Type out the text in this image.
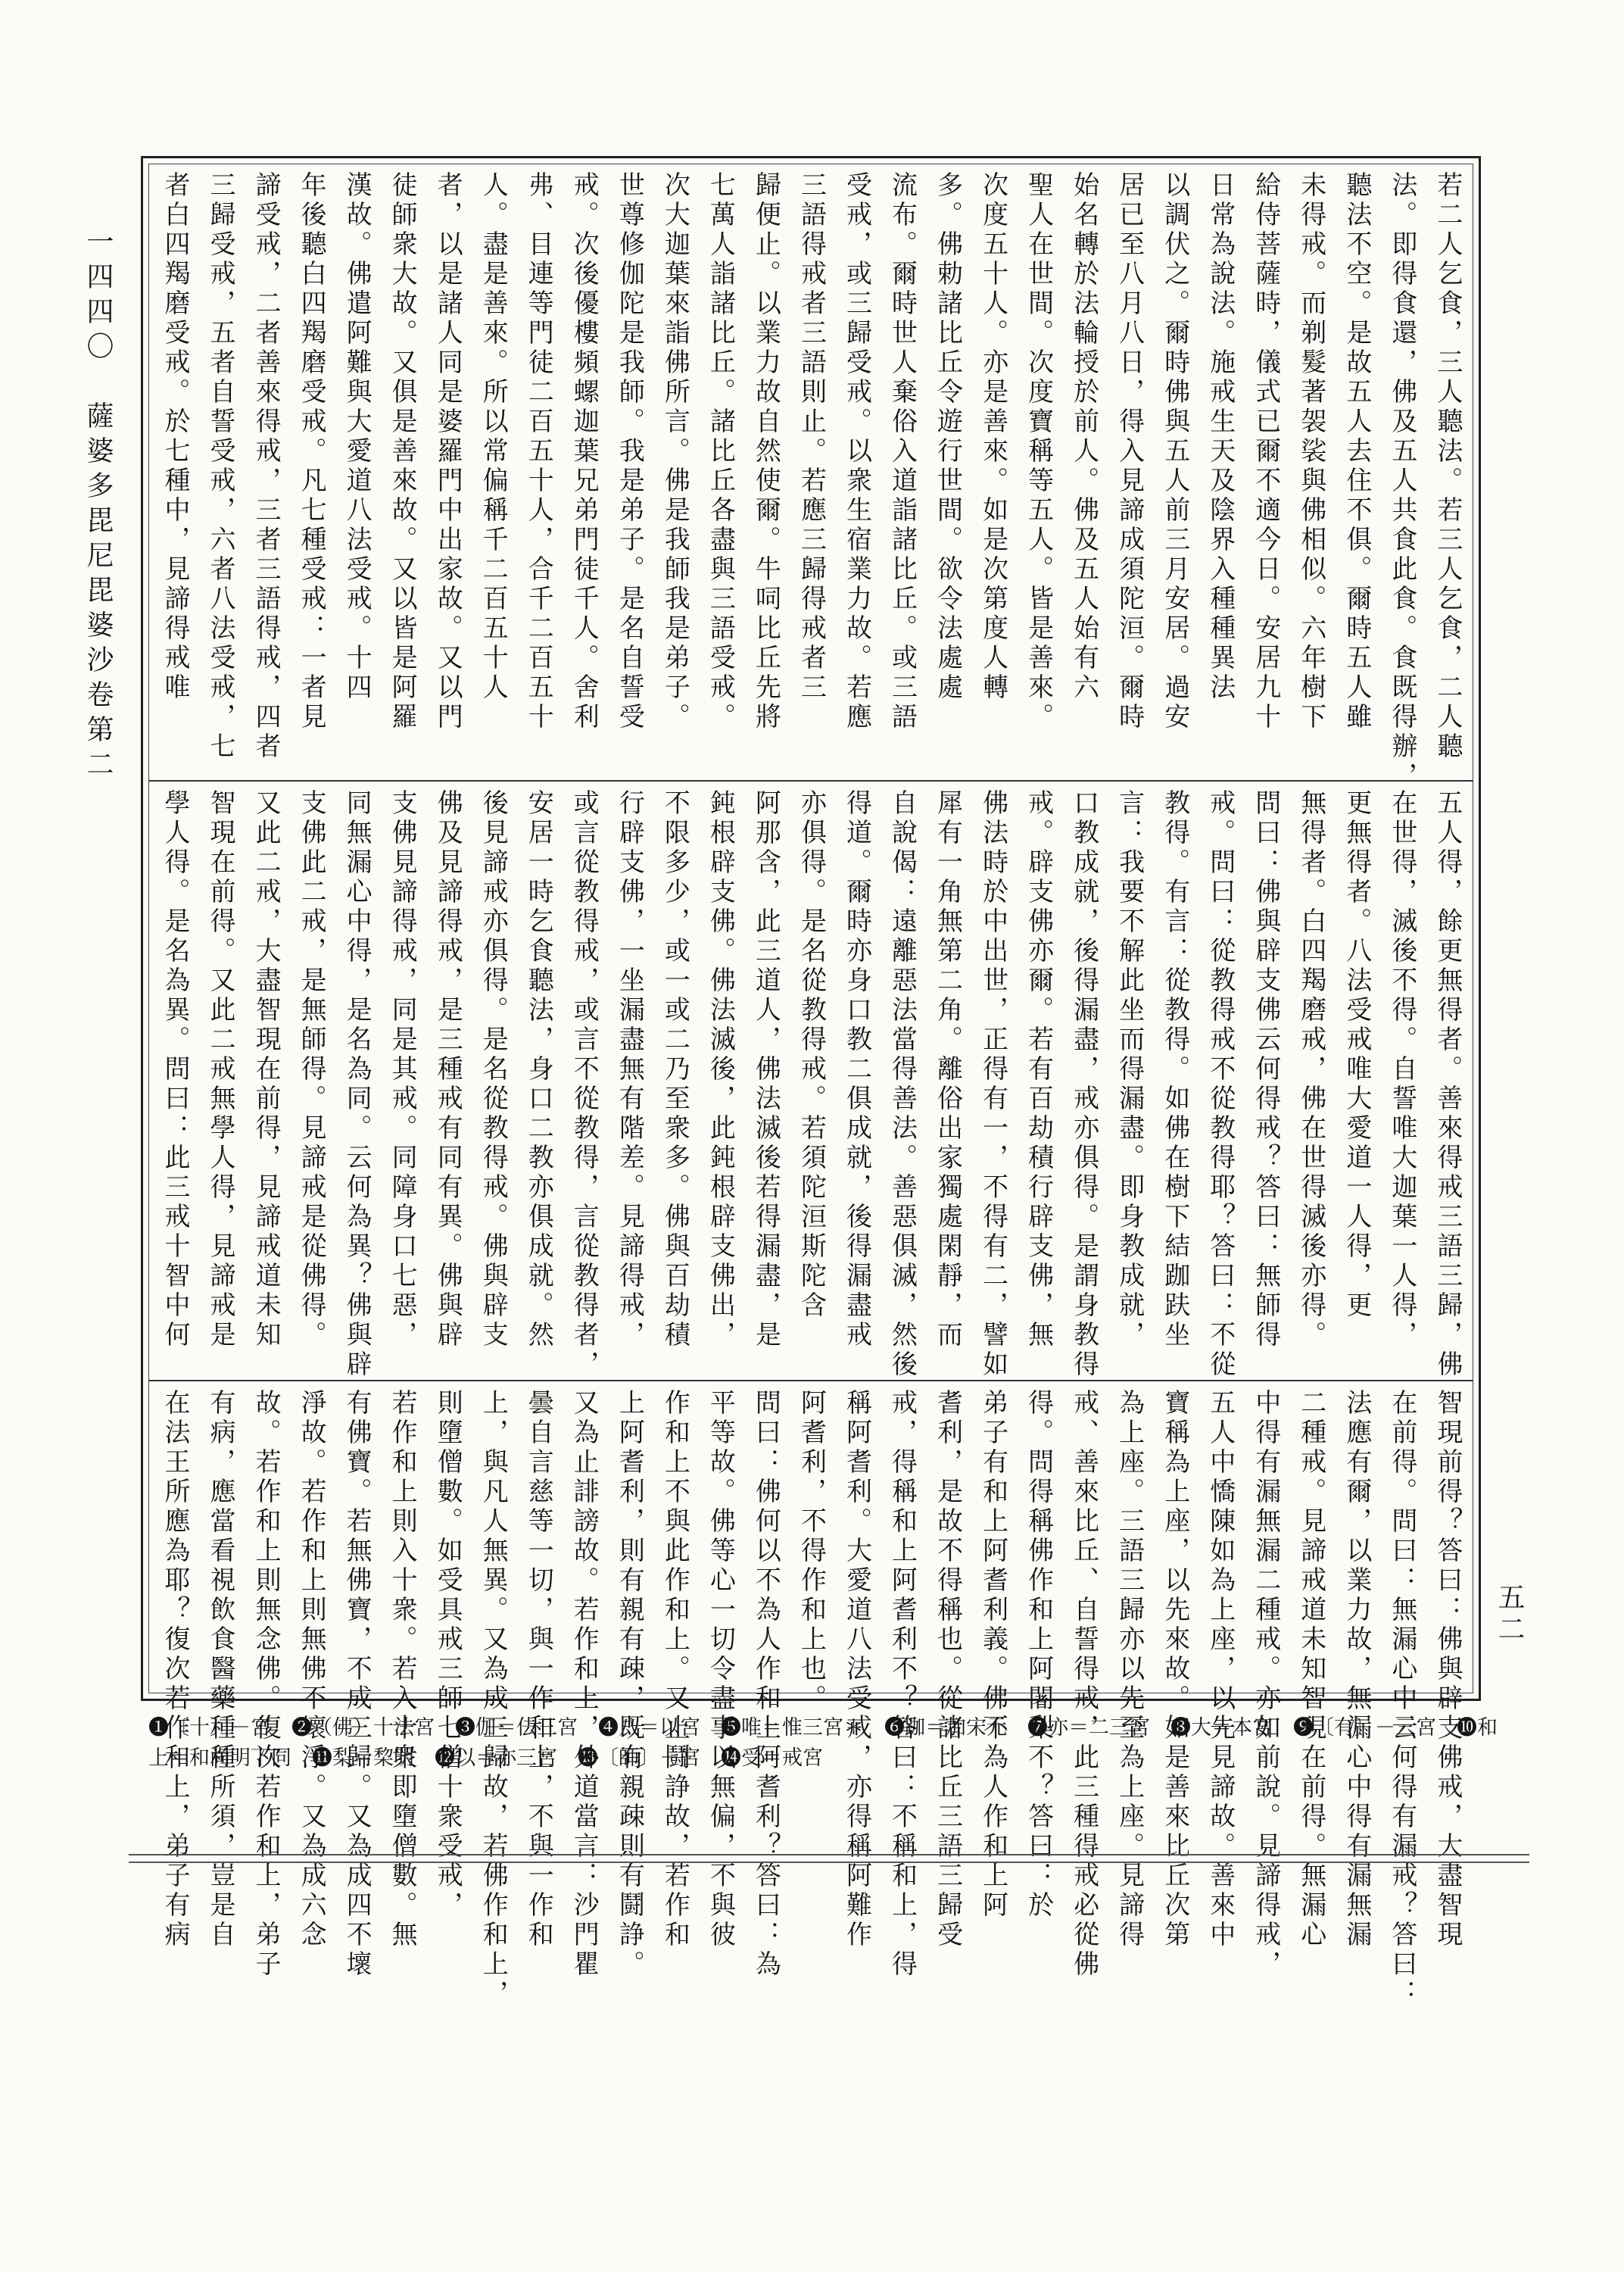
一四四〇　薩婆多毘尼毘婆沙卷第二
五二
若二人乞食，三人聽法。若三人乞食，二人聽
法。即得食還，佛及五人共食此食。食既得辦，
聽法不空。是故五人去住不俱。爾時五人雖
未得戒。而剃髮著袈裟與佛相似。六年樹下
給侍菩薩時，儀式已爾不適今日。安居九十
日常為說法。施戒生天及陰界入種種異法
以調伏之。爾時佛與五人前三月安居。過安
居已至八月八日，得入見諦成須陀洹。爾時
始名轉於法輪授於前人。佛及五人始有六
聖人在世間。次度寶稱等五人。皆是善來。
次度五十人。亦是善來。如是次第度人轉
多。佛勅諸比丘令遊行世間。欲令法處處
流布。爾時世人棄俗入道詣諸比丘。或三語
受戒，或三歸受戒。以衆生宿業力故。若應
三語得戒者三語則止。若應三歸得戒者三
歸便止。以業力故自然使爾。牛呞比丘先將
七萬人詣諸比丘。諸比丘各盡與三語受戒。
次大迦葉來詣佛所言。佛是我師我是弟子。
世尊修伽陀是我師。我是弟子。是名自誓受
戒。次後優樓頻螺迦葉兄弟門徒千人。舍利
弗、目連等門徒二百五十人，合千二百五十
人。盡是善來。所以常偏稱千二百五十人
者，以是諸人同是婆羅門中出家故。又以門
徒師衆大故。又俱是善來故。又以皆是阿羅
漢故。佛遣阿難與大愛道八法受戒。十四
年後聽白四羯磨受戒。凡七種受戒：一者見
諦受戒，二者善來得戒，三者三語得戒，四者
三歸受戒，五者自誓受戒，六者八法受戒，七
者白四羯磨受戒。於七種中，見諦得戒唯
五人得，餘更無得者。善來得戒三語三歸，佛
在世得，滅後不得。自誓唯大迦葉一人得，
更無得者。八法受戒唯大愛道一人得，更
無得者。白四羯磨戒，佛在世得滅後亦得。
問曰：佛與辟支佛云何得戒？答曰：無師得
戒。問曰：從教得戒不從教得耶？答曰：不從
教得。有言：從教得。如佛在樹下結跏趺坐
言：我要不解此坐而得漏盡。即身教成就，
口教成就，後得漏盡，戒亦俱得。是謂身教得
戒。辟支佛亦爾。若有百劫積行辟支佛，無
佛法時於中出世，正得有一，不得有二，譬如
犀有一角無第二角。離俗出家獨處閑靜，而
自說偈：遠離惡法當得善法。善惡俱滅，然後
得道。爾時亦身口教二俱成就，後得漏盡戒
亦俱得。是名從教得戒。若須陀洹斯陀含
阿那含，此三道人，佛法滅後若得漏盡，是
鈍根辟支佛。佛法滅後，此鈍根辟支佛出，
不限多少，或一或二乃至衆多。佛與百劫積
行辟支佛，一坐漏盡無有階差。見諦得戒，
或言從教得戒，或言不從教得，言從教得者，
安居一時乞食聽法，身口二教亦俱成就。然
後見諦戒亦俱得。是名從教得戒。佛與辟支
佛及見諦得戒，是三種戒有同有異。佛與辟
支佛見諦得戒，同是其戒。同障身口七惡，
同無漏心中得，是名為同。云何為異？佛與辟
支佛此二戒，是無師得。見諦戒是從佛得。
又此二戒，大盡智現在前得，見諦戒道未知
智現在前得。又此二戒無學人得，見諦戒是
學人得。是名為異。問曰：此三戒十智中何
智現前得？答曰：佛與辟支佛戒，大盡智現
在前得。問曰：無漏心中云何得有漏戒？答曰：
法應有爾，以業力故，無漏心中得有漏無漏
二種戒。見諦戒道未知智現在前得。無漏心
中得有漏無漏二種戒。亦如前說。見諦得戒，
五人中憍陳如為上座，以先見諦故。善來中
寶稱為上座，以先來故。如是善來比丘次第
為上座。三語三歸亦以先至為上座。見諦得
戒、善來比丘、自誓得戒，此三種得戒必從佛
得。問得稱佛作和上阿闍梨不？答曰：於
弟子有和上阿耆利義。佛不為人作和上阿
耆利，是故不得稱也。從諸比丘三語三歸受
戒，得稱和上阿耆利不？答曰：不稱和上，得
稱阿耆利。大愛道八法受戒，亦得稱阿難作
阿耆利，不得作和上也。
問曰：佛何以不為人作和上阿耆利？答曰：為
平等故。佛等心一切令盡事以無偏，不與彼
作和上不與此作和上。又止鬪諍故，若作和
上阿耆利，則有親有疎，既有親疎則有鬪諍。
又為止誹謗故。若作和上，外道當言：沙門瞿
曇自言慈等一切，與一作和上，不與一作和
上，與凡人無異。又為成三歸故，若佛作和上，
則墮僧數。如受具戒三師七僧十衆受戒，
若作和上則入十衆。若入十衆即墮僧數。無
有佛寶。若無佛寶，不成三歸。又為成四不壞
淨故。若作和上則無佛不壞淨。又為成六念
故。若作和上則無念佛。復次若作和上，弟子
有病，應當看視飲食醫藥種種所須，豈是自
在法王所應為耶？復次若作和上，弟子有病
❶〔十〕－宮　❷（佛）十法宮　❸伽＝佉三宮　❹八＝以宮　❺唯＝惟三宮＊　❻跏＝加宋元　❼亦＝二三宮　❽大＝本宮　❾〔有〕－三宮　❿和
上＝和尚明下同　⓫梨＝棃明　⓬以＝亦三宮　⓭〔師〕－宮　⓮受＝戒宮
